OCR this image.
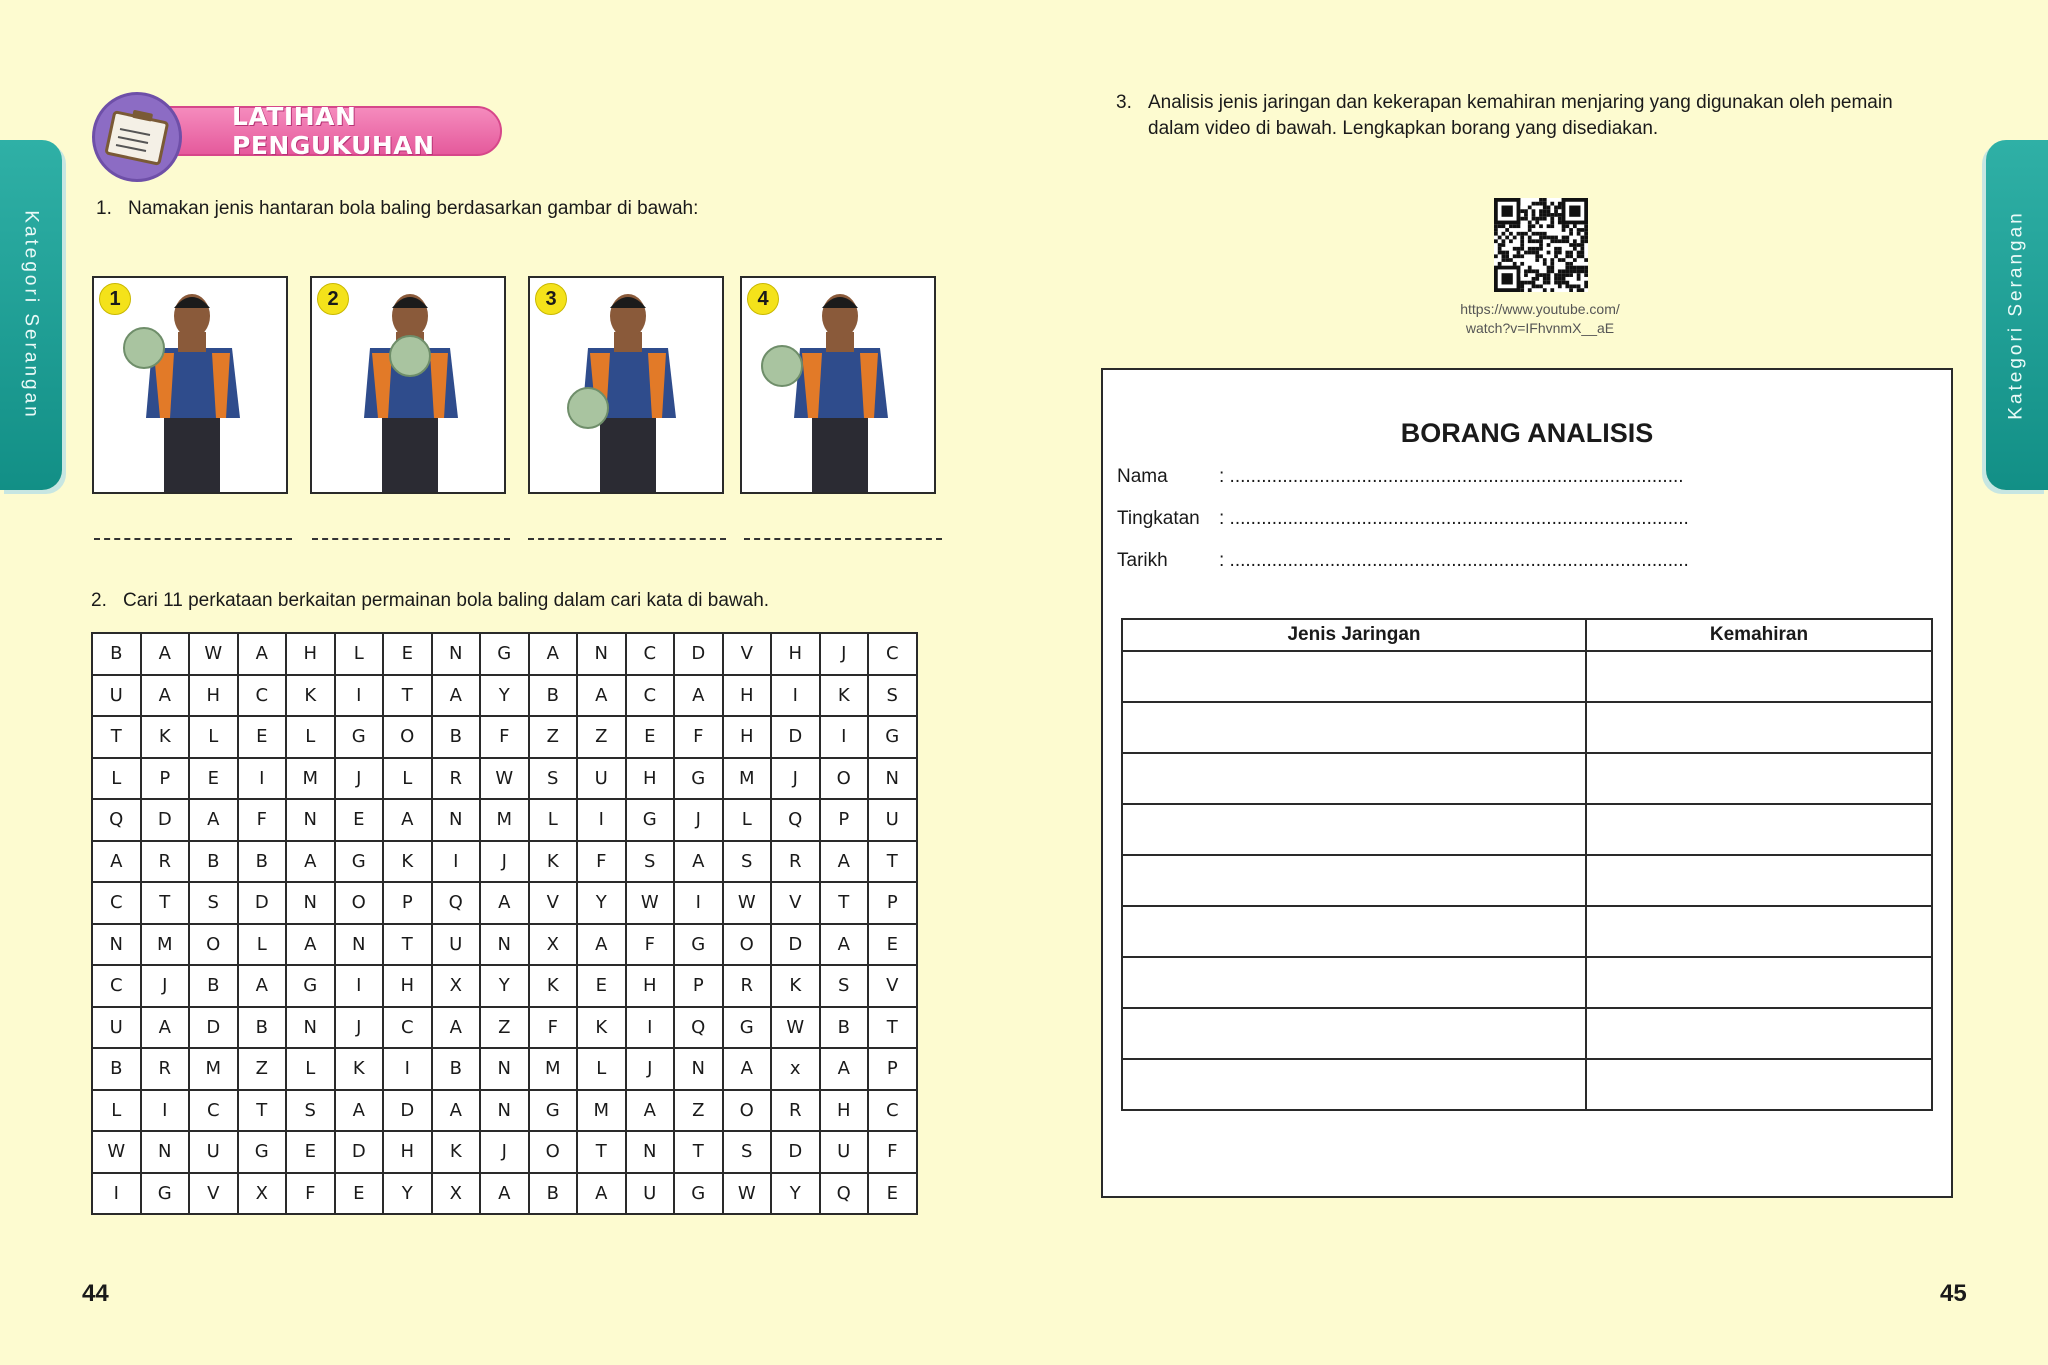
Kategori Serangan	Kategori Serangan
LATIHAN PENGUKUHAN
1. Namakan jenis hantaran bola baling berdasarkan gambar di bawah:
1	2	3	4
2. Cari 11 perkataan berkaitan permainan bola baling dalam cari kata di bawah.
B	A	W	A	H	L	E	N	G	A	N	C	D	V	H	J	C
U	A	H	C	K	I	T	A	Y	B	A	C	A	H	I	K	S
T	K	L	E	L	G	O	B	F	Z	Z	E	F	H	D	I	G
L	P	E	I	M	J	L	R	W	S	U	H	G	M	J	O	N
Q	D	A	F	N	E	A	N	M	L	I	G	J	L	Q	P	U
A	R	B	B	A	G	K	I	J	K	F	S	A	S	R	A	T
C	T	S	D	N	O	P	Q	A	V	Y	W	I	W	V	T	P
N	M	O	L	A	N	T	U	N	X	A	F	G	O	D	A	E
C	J	B	A	G	I	H	X	Y	K	E	H	P	R	K	S	V
U	A	D	B	N	J	C	A	Z	F	K	I	Q	G	W	B	T
B	R	M	Z	L	K	I	B	N	M	L	J	N	A	x	A	P
L	I	C	T	S	A	D	A	N	G	M	A	Z	O	R	H	C
W	N	U	G	E	D	H	K	J	O	T	N	T	S	D	U	F
I	G	V	X	F	E	Y	X	A	B	A	U	G	W	Y	Q	E
44	45
3. Analisis jenis jaringan dan kekerapan kemahiran menjaring yang digunakan oleh pemain
dalam video di bawah. Lengkapkan borang yang disediakan.
https://www.youtube.com/
watch?v=IFhvnmX__aE
BORANG ANALISIS
Nama	: ......................................................................................
Tingkatan : .......................................................................................
Tarikh	: .......................................................................................
Jenis Jaringan	Kemahiran
